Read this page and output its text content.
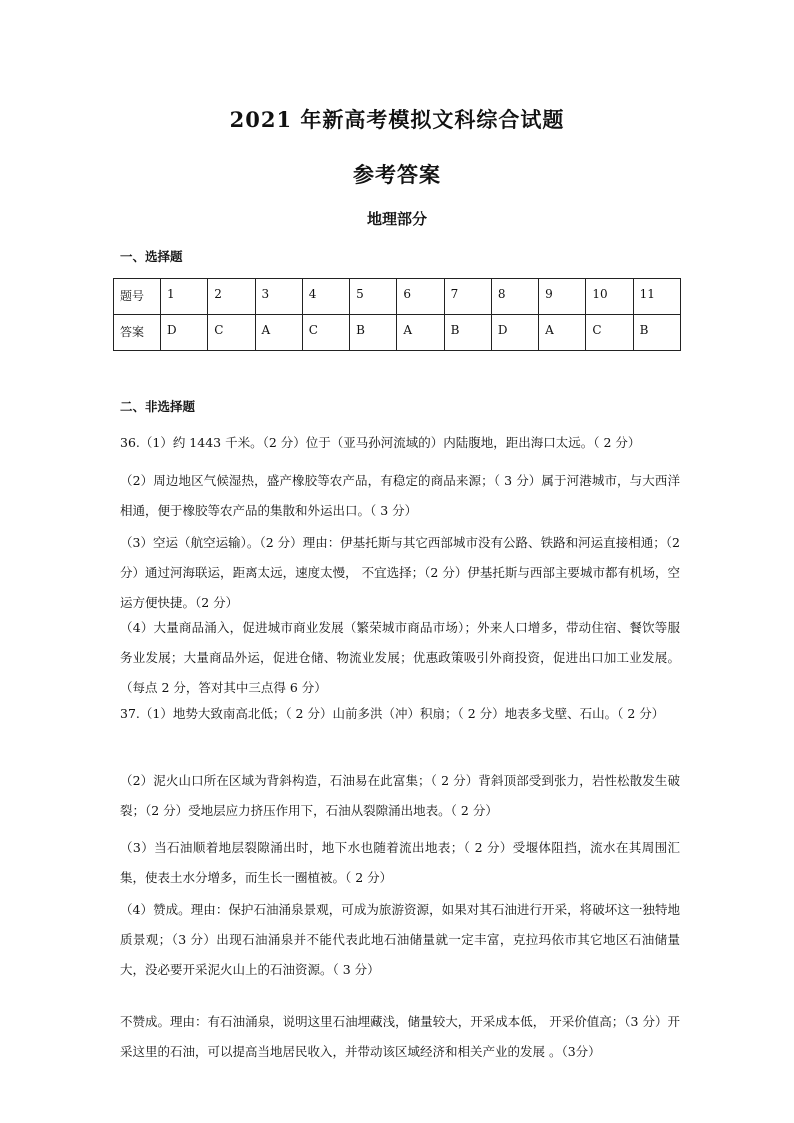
2021 年新高考模拟文科综合试题
参考答案
地理部分
一、选择题
题号	1	2	3	4	5	6	7	8	9	10	11
答案	D	C	A	C	B	A	B	D	A	C	B
二、非选择题

36.（1）约 1443 千米。（2 分）位于（亚马孙河流域的）内陆腹地，距出海口太远。（ 2 分）

（2）周边地区气候湿热，盛产橡胶等农产品，有稳定的商品来源；（ 3 分）属于河港城市，与大西洋相通，便于橡胶等农产品的集散和外运出口。（ 3 分）

（3）空运（航空运输）。（2 分）理由：伊基托斯与其它西部城市没有公路、铁路和河运直接相通；（2 分）通过河海联运，距离太远，速度太慢， 不宜选择；（2 分）伊基托斯与西部主要城市都有机场，空运方便快捷。（2 分）

（4）大量商品涌入，促进城市商业发展（繁荣城市商品市场）；外来人口增多，带动住宿、餐饮等服务业发展；大量商品外运，促进仓储、物流业发展；优惠政策吸引外商投资，促进出口加工业发展。（每点 2 分，答对其中三点得 6 分）

37.（1）地势大致南高北低；（ 2 分）山前多洪（冲）积扇；（ 2 分）地表多戈壁、石山。（ 2 分）

（2）泥火山口所在区域为背斜构造，石油易在此富集；（ 2 分）背斜顶部受到张力，岩性松散发生破裂；（2 分）受地层应力挤压作用下，石油从裂隙涌出地表。（ 2 分）

（3）当石油顺着地层裂隙涌出时，地下水也随着流出地表；（ 2 分）受堰体阻挡，流水在其周围汇集，使表土水分增多，而生长一圈植被。（ 2 分）

（4）赞成。理由：保护石油涌泉景观，可成为旅游资源，如果对其石油进行开采，将破坏这一独特地质景观；（3 分）出现石油涌泉并不能代表此地石油储量就一定丰富，克拉玛依市其它地区石油储量大，没必要开采泥火山上的石油资源。（ 3 分）

不赞成。理由：有石油涌泉，说明这里石油埋藏浅，储量较大，开采成本低， 开采价值高；（3 分）开采这里的石油，可以提高当地居民收入，并带动该区域经济和相关产业的发展 。（3分）
